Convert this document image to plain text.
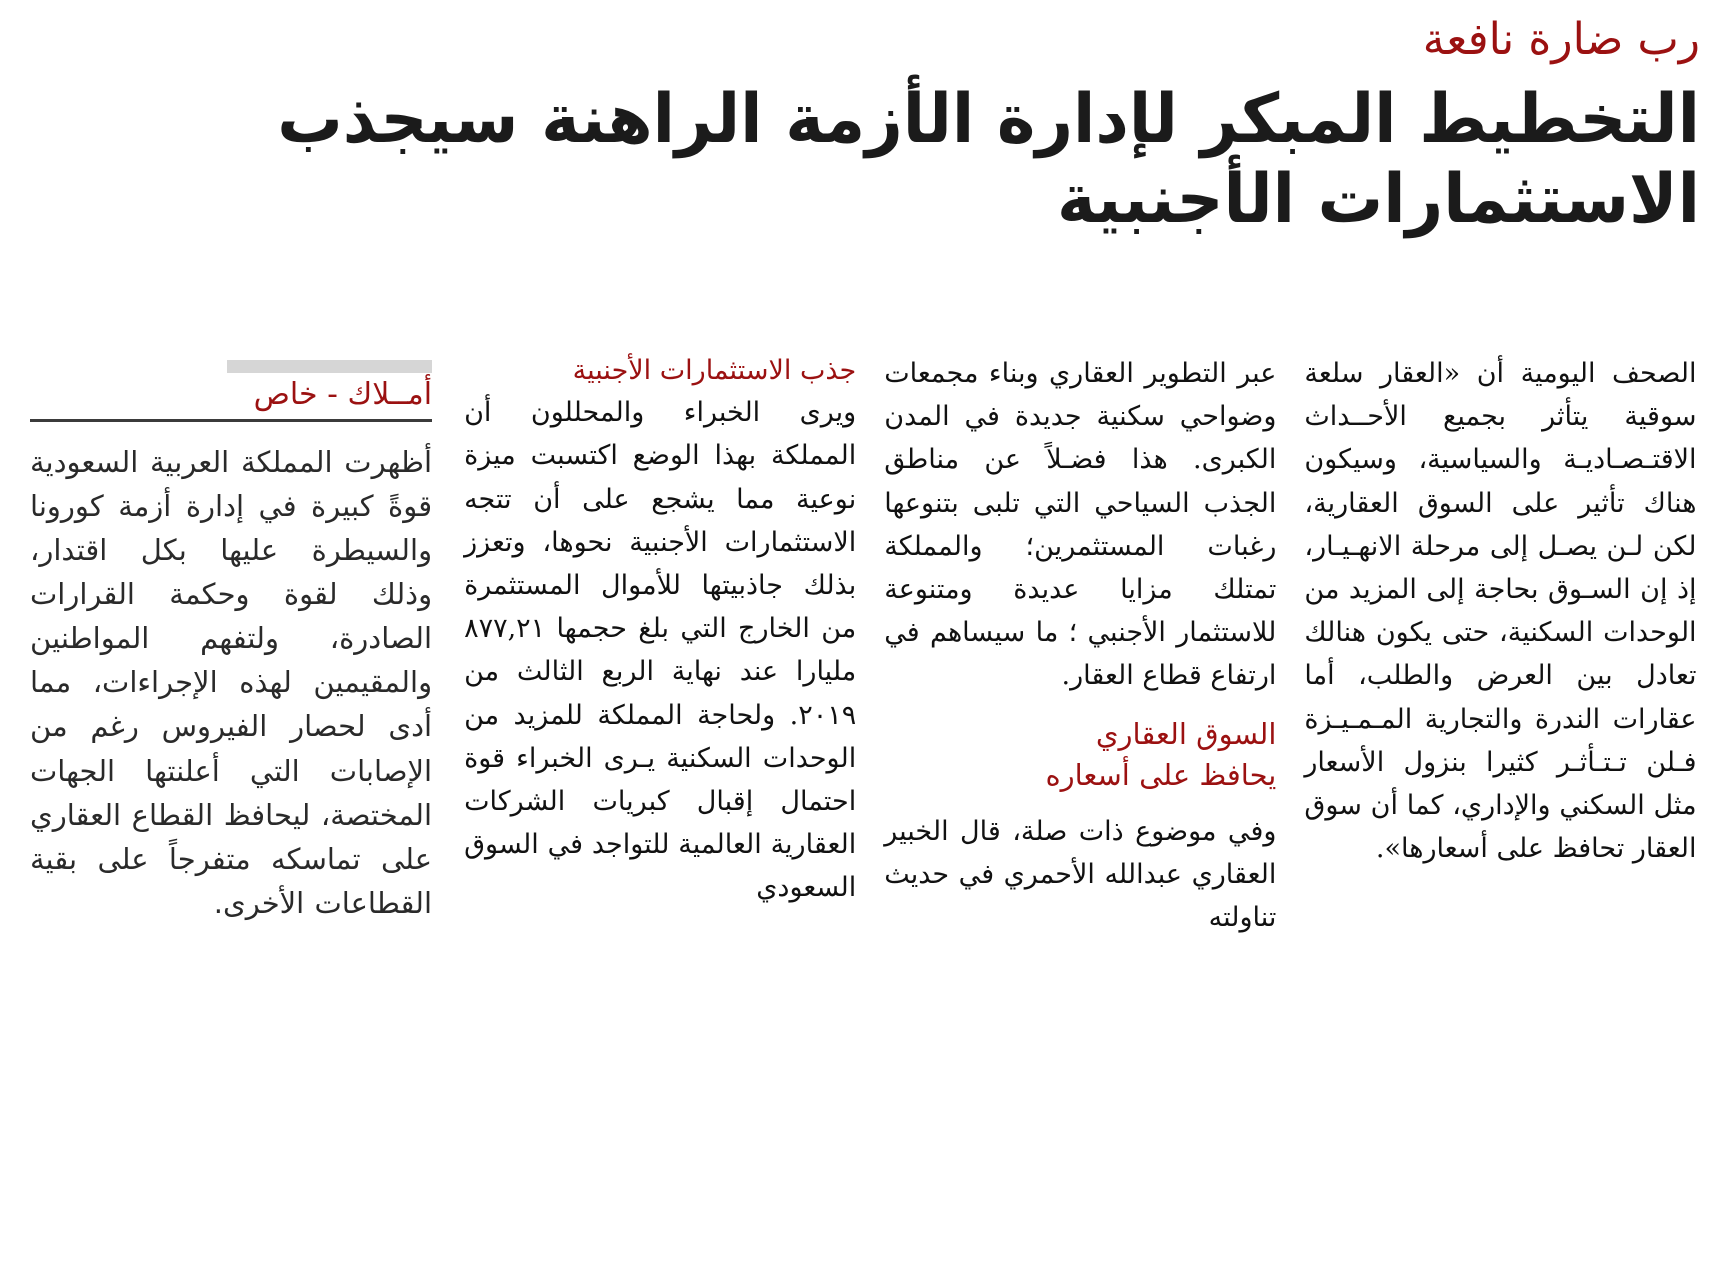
رب ضارة نافعة
التخطيط المبكر لإدارة الأزمة الراهنة سيجذب الاستثمارات الأجنبية
أمــلاك - خاص
أظهرت المملكة العربية السعودية قوةً كبيرة في إدارة أزمة كورونا والسيطرة عليها بكل اقتدار، وذلك لقوة وحكمة القرارات الصادرة، ولتفهم المواطنين والمقيمين لهذه الإجراءات، مما أدى لحصار الفيروس رغم من الإصابات التي أعلنتها الجهات المختصة، ليحافظ القطاع العقاري على تماسكه متفرجاً على بقية القطاعات الأخرى.
جذب الاستثمارات الأجنبية
ويرى الخبراء والمحللون أن المملكة بهذا الوضع اكتسبت ميزة نوعية مما يشجع على أن تتجه الاستثمارات الأجنبية نحوها، وتعزز بذلك جاذبيتها للأموال المستثمرة من الخارج التي بلغ حجمها ٨٧٧,٢١ مليارا عند نهاية الربع الثالث من ٢٠١٩. ولحاجة المملكة للمزيد من الوحدات السكنية يـرى الخبراء قوة احتمال إقبال كبريات الشركات العقارية العالمية للتواجد في السوق السعودي
عبر التطوير العقاري وبناء مجمعات وضواحي سكنية جديدة في المدن الكبرى. هذا فضـلاً عن مناطق الجذب السياحي التي تلبى بتنوعها رغبات المستثمرين؛ والمملكة تمتلك مزايا عديدة ومتنوعة للاستثمار الأجنبي ؛ ما سيساهم في ارتفاع قطاع العقار.
السوق العقاري
يحافظ على أسعاره
وفي موضوع ذات صلة، قال الخبير العقاري عبدالله الأحمري في حديث تناولته
الصحف اليومية أن «العقار سلعة سوقية يتأثر بجميع الأحــداث الاقتـصـاديـة والسياسية، وسيكون هناك تأثير على السوق العقارية، لكن لـن يصـل إلى مرحلة الانهـيـار، إذ إن السـوق بحاجة إلى المزيد من الوحدات السكنية، حتى يكون هنالك تعادل بين العرض والطلب، أما عقارات الندرة والتجارية المـمـيـزة فـلن تـتـأثـر كثيرا بنزول الأسعار مثل السكني والإداري، كما أن سوق العقار تحافظ على أسعارها».
